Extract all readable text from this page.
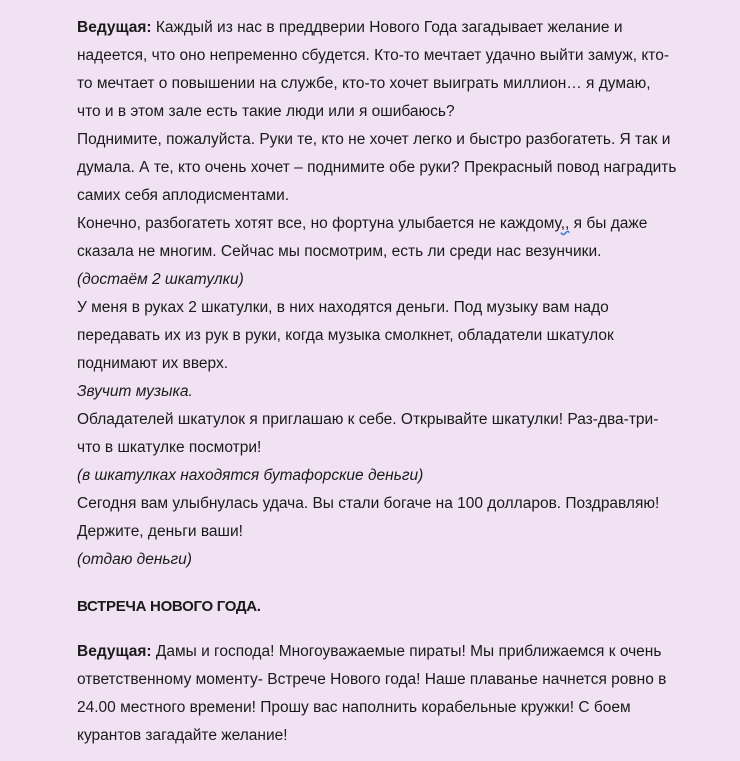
Ведущая: Каждый из нас в преддверии Нового Года загадывает желание и

надеется, что оно непременно сбудется. Кто-то мечтает удачно выйти замуж, кто-

то мечтает о повышении на службе, кто-то хочет выиграть миллион… я думаю,

что и в этом зале есть такие люди или я ошибаюсь?

Поднимите, пожалуйста. Руки те, кто не хочет легко и быстро разбогатеть. Я так и

думала. А те, кто очень хочет – поднимите обе руки? Прекрасный повод наградить

самих себя аплодисментами.

Конечно, разбогатеть хотят все, но фортуна улыбается не каждому,, я бы даже

сказала не многим. Сейчас мы посмотрим, есть ли среди нас везунчики.

(достаём 2 шкатулки)

У меня в руках 2 шкатулки, в них находятся деньги. Под музыку вам надо

передавать их из рук в руки, когда музыка смолкнет, обладатели шкатулок

поднимают их вверх.

Звучит музыка.

Обладателей шкатулок я приглашаю к себе. Открывайте шкатулки! Раз-два-три-

что в шкатулке посмотри!

(в шкатулках находятся бутафорские деньги)

Сегодня вам улыбнулась удача. Вы стали богаче на 100 долларов. Поздравляю!

Держите, деньги ваши!

(отдаю деньги)

ВСТРЕЧА НОВОГО ГОДА.

Ведущая: Дамы и господа! Многоуважаемые пираты! Мы приближаемся к очень

ответственному моменту- Встрече Нового года! Наше плаванье начнется ровно в

24.00 местного времени! Прошу вас наполнить корабельные кружки! С боем

курантов загадайте желание!
